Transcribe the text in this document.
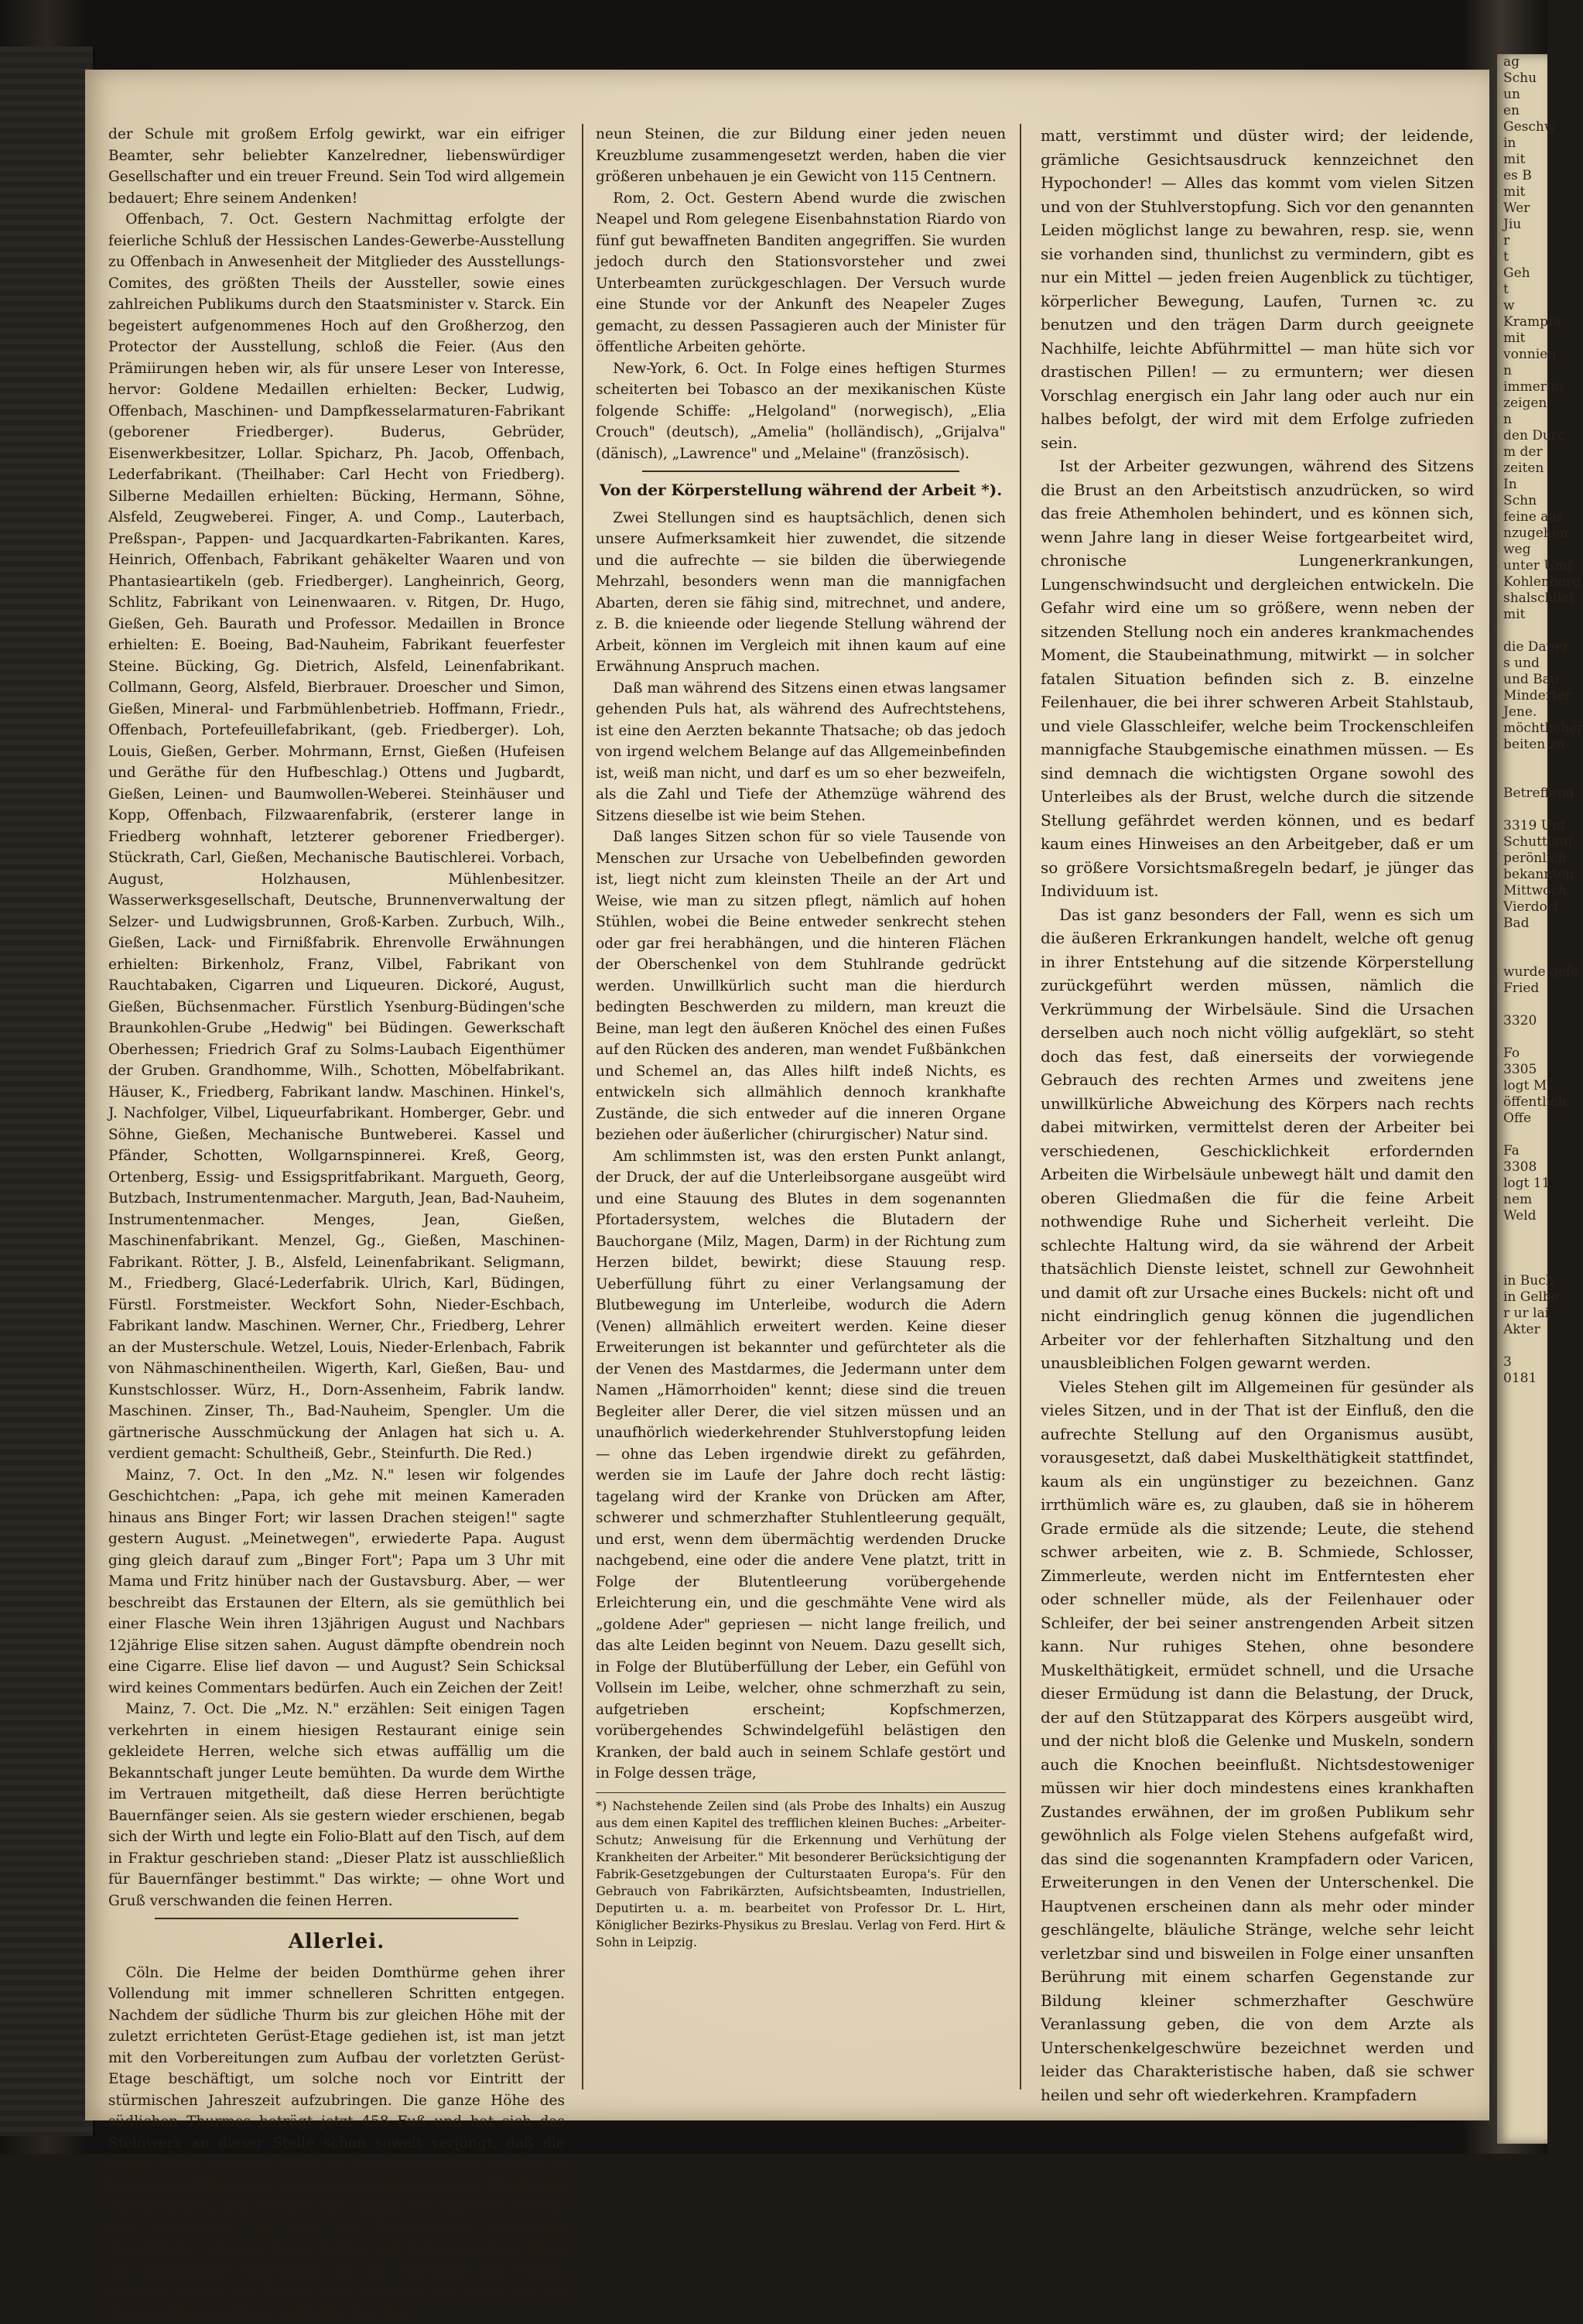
der Schule mit großem Erfolg gewirkt, war ein eifriger Beamter, sehr beliebter Kanzelredner, liebenswürdiger Gesellschafter und ein treuer Freund. Sein Tod wird allgemein bedauert; Ehre seinem Andenken!

Offenbach, 7. Oct. Gestern Nachmittag erfolgte der feierliche Schluß der Hessischen Landes-Gewerbe-Ausstellung zu Offenbach in Anwesenheit der Mitglieder des Ausstellungs-Comites, des größten Theils der Aussteller, sowie eines zahlreichen Publikums durch den Staatsminister v. Starck. Ein begeistert aufgenommenes Hoch auf den Großherzog, den Protector der Ausstellung, schloß die Feier. (Aus den Prämiirungen heben wir, als für unsere Leser von Interesse, hervor: Goldene Medaillen erhielten: Becker, Ludwig, Offenbach, Maschinen- und Dampfkesselarmaturen-Fabrikant (geborener Friedberger). Buderus, Gebrüder, Eisenwerkbesitzer, Lollar. Spicharz, Ph. Jacob, Offenbach, Lederfabrikant. (Theilhaber: Carl Hecht von Friedberg). Silberne Medaillen erhielten: Bücking, Hermann, Söhne, Alsfeld, Zeugweberei. Finger, A. und Comp., Lauterbach, Preßspan-, Pappen- und Jacquardkarten-Fabrikanten. Kares, Heinrich, Offenbach, Fabrikant gehäkelter Waaren und von Phantasieartikeln (geb. Friedberger). Langheinrich, Georg, Schlitz, Fabrikant von Leinenwaaren. v. Ritgen, Dr. Hugo, Gießen, Geh. Baurath und Professor. Medaillen in Bronce erhielten: E. Boeing, Bad-Nauheim, Fabrikant feuerfester Steine. Bücking, Gg. Dietrich, Alsfeld, Leinenfabrikant. Collmann, Georg, Alsfeld, Bierbrauer. Droescher und Simon, Gießen, Mineral- und Farbmühlenbetrieb. Hoffmann, Friedr., Offenbach, Portefeuillefabrikant, (geb. Friedberger). Loh, Louis, Gießen, Gerber. Mohrmann, Ernst, Gießen (Hufeisen und Geräthe für den Hufbeschlag.) Ottens und Jugbardt, Gießen, Leinen- und Baumwollen-Weberei. Steinhäuser und Kopp, Offenbach, Filzwaarenfabrik, (ersterer lange in Friedberg wohnhaft, letzterer geborener Friedberger). Stückrath, Carl, Gießen, Mechanische Bautischlerei. Vorbach, August, Holzhausen, Mühlenbesitzer. Wasserwerksgesellschaft, Deutsche, Brunnenverwaltung der Selzer- und Ludwigsbrunnen, Groß-Karben. Zurbuch, Wilh., Gießen, Lack- und Firnißfabrik. Ehrenvolle Erwähnungen erhielten: Birkenholz, Franz, Vilbel, Fabrikant von Rauchtabaken, Cigarren und Liqueuren. Dickoré, August, Gießen, Büchsenmacher. Fürstlich Ysenburg-Büdingen'sche Braunkohlen-Grube „Hedwig" bei Büdingen. Gewerkschaft Oberhessen; Friedrich Graf zu Solms-Laubach Eigenthümer der Gruben. Grandhomme, Wilh., Schotten, Möbelfabrikant. Häuser, K., Friedberg, Fabrikant landw. Maschinen. Hinkel's, J. Nachfolger, Vilbel, Liqueurfabrikant. Homberger, Gebr. und Söhne, Gießen, Mechanische Buntweberei. Kassel und Pfänder, Schotten, Wollgarnspinnerei. Kreß, Georg, Ortenberg, Essig- und Essigspritfabrikant. Margueth, Georg, Butzbach, Instrumentenmacher. Marguth, Jean, Bad-Nauheim, Instrumentenmacher. Menges, Jean, Gießen, Maschinenfabrikant. Menzel, Gg., Gießen, Maschinen-Fabrikant. Rötter, J. B., Alsfeld, Leinenfabrikant. Seligmann, M., Friedberg, Glacé-Lederfabrik. Ulrich, Karl, Büdingen, Fürstl. Forstmeister. Weckfort Sohn, Nieder-Eschbach, Fabrikant landw. Maschinen. Werner, Chr., Friedberg, Lehrer an der Musterschule. Wetzel, Louis, Nieder-Erlenbach, Fabrik von Nähmaschinentheilen. Wigerth, Karl, Gießen, Bau- und Kunstschlosser. Würz, H., Dorn-Assenheim, Fabrik landw. Maschinen. Zinser, Th., Bad-Nauheim, Spengler. Um die gärtnerische Ausschmückung der Anlagen hat sich u. A. verdient gemacht: Schultheiß, Gebr., Steinfurth. Die Red.)

Mainz, 7. Oct. In den „Mz. N." lesen wir folgendes Geschichtchen: „Papa, ich gehe mit meinen Kameraden hinaus ans Binger Fort; wir lassen Drachen steigen!" sagte gestern August. „Meinetwegen", erwiederte Papa. August ging gleich darauf zum „Binger Fort"; Papa um 3 Uhr mit Mama und Fritz hinüber nach der Gustavsburg. Aber, — wer beschreibt das Erstaunen der Eltern, als sie gemüthlich bei einer Flasche Wein ihren 13jährigen August und Nachbars 12jährige Elise sitzen sahen. August dämpfte obendrein noch eine Cigarre. Elise lief davon — und August? Sein Schicksal wird keines Commentars bedürfen. Auch ein Zeichen der Zeit!

Mainz, 7. Oct. Die „Mz. N." erzählen: Seit einigen Tagen verkehrten in einem hiesigen Restaurant einige sein gekleidete Herren, welche sich etwas auffällig um die Bekanntschaft junger Leute bemühten. Da wurde dem Wirthe im Vertrauen mitgetheilt, daß diese Herren berüchtigte Bauernfänger seien. Als sie gestern wieder erschienen, begab sich der Wirth und legte ein Folio-Blatt auf den Tisch, auf dem in Fraktur geschrieben stand: „Dieser Platz ist ausschließlich für Bauernfänger bestimmt." Das wirkte; — ohne Wort und Gruß verschwanden die feinen Herren.

Allerlei.

Cöln. Die Helme der beiden Domthürme gehen ihrer Vollendung mit immer schnelleren Schritten entgegen. Nachdem der südliche Thurm bis zur gleichen Höhe mit der zuletzt errichteten Gerüst-Etage gediehen ist, ist man jetzt mit den Vorbereitungen zum Aufbau der vorletzten Gerüst-Etage beschäftigt, um solche noch vor Eintritt der stürmischen Jahreszeit aufzubringen. Die ganze Höhe des südlichen Thurmes beträgt jetzt 458 Fuß und hat sich das Steinwerk an dieser Stelle schon soweit verjüngt, daß die innere Weite nur noch 1 Fuß im Durchmesser hat, welches so lange auszuführen ist, um einen riesigen eisernen Mastbaum durchzulassen, um welchen sich später die einzelnen Stücke der mächtigen, 18 Fuß im Durchmesser haltenden Kreuzblume anlegen, deren Größe und Schwere schon allein die Vollständige Renovirung an der Nordseite des Domes bedingt, welche die Brücke zum Aufladen der Steine auf die Transportwagen trägt, bedingte. Von den

neun Steinen, die zur Bildung einer jeden neuen Kreuzblume zusammengesetzt werden, haben die vier größeren unbehauen je ein Gewicht von 115 Centnern.

Rom, 2. Oct. Gestern Abend wurde die zwischen Neapel und Rom gelegene Eisenbahnstation Riardo von fünf gut bewaffneten Banditen angegriffen. Sie wurden jedoch durch den Stationsvorsteher und zwei Unterbeamten zurückgeschlagen. Der Versuch wurde eine Stunde vor der Ankunft des Neapeler Zuges gemacht, zu dessen Passagieren auch der Minister für öffentliche Arbeiten gehörte.

New-York, 6. Oct. In Folge eines heftigen Sturmes scheiterten bei Tobasco an der mexikanischen Küste folgende Schiffe: „Helgoland" (norwegisch), „Elia Crouch" (deutsch), „Amelia" (holländisch), „Grijalva" (dänisch), „Lawrence" und „Melaine" (französisch).

Von der Körperstellung während der Arbeit *).

Zwei Stellungen sind es hauptsächlich, denen sich unsere Aufmerksamkeit hier zuwendet, die sitzende und die aufrechte — sie bilden die überwiegende Mehrzahl, besonders wenn man die mannigfachen Abarten, deren sie fähig sind, mitrechnet, und andere, z. B. die knieende oder liegende Stellung während der Arbeit, können im Vergleich mit ihnen kaum auf eine Erwähnung Anspruch machen.

Daß man während des Sitzens einen etwas langsamer gehenden Puls hat, als während des Aufrechtstehens, ist eine den Aerzten bekannte Thatsache; ob das jedoch von irgend welchem Belange auf das Allgemeinbefinden ist, weiß man nicht, und darf es um so eher bezweifeln, als die Zahl und Tiefe der Athemzüge während des Sitzens dieselbe ist wie beim Stehen.

Daß langes Sitzen schon für so viele Tausende von Menschen zur Ursache von Uebelbefinden geworden ist, liegt nicht zum kleinsten Theile an der Art und Weise, wie man zu sitzen pflegt, nämlich auf hohen Stühlen, wobei die Beine entweder senkrecht stehen oder gar frei herabhängen, und die hinteren Flächen der Oberschenkel von dem Stuhlrande gedrückt werden. Unwillkürlich sucht man die hierdurch bedingten Beschwerden zu mildern, man kreuzt die Beine, man legt den äußeren Knöchel des einen Fußes auf den Rücken des anderen, man wendet Fußbänkchen und Schemel an, das Alles hilft indeß Nichts, es entwickeln sich allmählich dennoch krankhafte Zustände, die sich entweder auf die inneren Organe beziehen oder äußerlicher (chirurgischer) Natur sind.

Am schlimmsten ist, was den ersten Punkt anlangt, der Druck, der auf die Unterleibsorgane ausgeübt wird und eine Stauung des Blutes in dem sogenannten Pfortadersystem, welches die Blutadern der Bauchorgane (Milz, Magen, Darm) in der Richtung zum Herzen bildet, bewirkt; diese Stauung resp. Ueberfüllung führt zu einer Verlangsamung der Blutbewegung im Unterleibe, wodurch die Adern (Venen) allmählich erweitert werden. Keine dieser Erweiterungen ist bekannter und gefürchteter als die der Venen des Mastdarmes, die Jedermann unter dem Namen „Hämorrhoiden" kennt; diese sind die treuen Begleiter aller Derer, die viel sitzen müssen und an unaufhörlich wiederkehrender Stuhlverstopfung leiden — ohne das Leben irgendwie direkt zu gefährden, werden sie im Laufe der Jahre doch recht lästig: tagelang wird der Kranke von Drücken am After, schwerer und schmerzhafter Stuhlentleerung gequält, und erst, wenn dem übermächtig werdenden Drucke nachgebend, eine oder die andere Vene platzt, tritt in Folge der Blutentleerung vorübergehende Erleichterung ein, und die geschmähte Vene wird als „goldene Ader" gepriesen — nicht lange freilich, und das alte Leiden beginnt von Neuem. Dazu gesellt sich, in Folge der Blutüberfüllung der Leber, ein Gefühl von Vollsein im Leibe, welcher, ohne schmerzhaft zu sein, aufgetrieben erscheint; Kopfschmerzen, vorübergehendes Schwindelgefühl belästigen den Kranken, der bald auch in seinem Schlafe gestört und in Folge dessen träge,

*) Nachstehende Zeilen sind (als Probe des Inhalts) ein Auszug aus dem einen Kapitel des trefflichen kleinen Buches: „Arbeiter-Schutz; Anweisung für die Erkennung und Verhütung der Krankheiten der Arbeiter." Mit besonderer Berücksichtigung der Fabrik-Gesetzgebungen der Culturstaaten Europa's. Für den Gebrauch von Fabrikärzten, Aufsichtsbeamten, Industriellen, Deputirten u. a. m. bearbeitet von Professor Dr. L. Hirt, Königlicher Bezirks-Physikus zu Breslau. Verlag von Ferd. Hirt & Sohn in Leipzig.

matt, verstimmt und düster wird; der leidende, grämliche Gesichtsausdruck kennzeichnet den Hypochonder! — Alles das kommt vom vielen Sitzen und von der Stuhlverstopfung. Sich vor den genannten Leiden möglichst lange zu bewahren, resp. sie, wenn sie vorhanden sind, thunlichst zu vermindern, gibt es nur ein Mittel — jeden freien Augenblick zu tüchtiger, körperlicher Bewegung, Laufen, Turnen ꝛc. zu benutzen und den trägen Darm durch geeignete Nachhilfe, leichte Abführmittel — man hüte sich vor drastischen Pillen! — zu ermuntern; wer diesen Vorschlag energisch ein Jahr lang oder auch nur ein halbes befolgt, der wird mit dem Erfolge zufrieden sein.

Ist der Arbeiter gezwungen, während des Sitzens die Brust an den Arbeitstisch anzudrücken, so wird das freie Athemholen behindert, und es können sich, wenn Jahre lang in dieser Weise fortgearbeitet wird, chronische Lungenerkrankungen, Lungenschwindsucht und dergleichen entwickeln. Die Gefahr wird eine um so größere, wenn neben der sitzenden Stellung noch ein anderes krankmachendes Moment, die Staubeinathmung, mitwirkt — in solcher fatalen Situation befinden sich z. B. einzelne Feilenhauer, die bei ihrer schweren Arbeit Stahlstaub, und viele Glasschleifer, welche beim Trockenschleifen mannigfache Staubgemische einathmen müssen. — Es sind demnach die wichtigsten Organe sowohl des Unterleibes als der Brust, welche durch die sitzende Stellung gefährdet werden können, und es bedarf kaum eines Hinweises an den Arbeitgeber, daß er um so größere Vorsichtsmaßregeln bedarf, je jünger das Individuum ist.

Das ist ganz besonders der Fall, wenn es sich um die äußeren Erkrankungen handelt, welche oft genug in ihrer Entstehung auf die sitzende Körperstellung zurückgeführt werden müssen, nämlich die Verkrümmung der Wirbelsäule. Sind die Ursachen derselben auch noch nicht völlig aufgeklärt, so steht doch das fest, daß einerseits der vorwiegende Gebrauch des rechten Armes und zweitens jene unwillkürliche Abweichung des Körpers nach rechts dabei mitwirken, vermittelst deren der Arbeiter bei verschiedenen, Geschicklichkeit erfordernden Arbeiten die Wirbelsäule unbewegt hält und damit den oberen Gliedmaßen die für die feine Arbeit nothwendige Ruhe und Sicherheit verleiht. Die schlechte Haltung wird, da sie während der Arbeit thatsächlich Dienste leistet, schnell zur Gewohnheit und damit oft zur Ursache eines Buckels: nicht oft und nicht eindringlich genug können die jugendlichen Arbeiter vor der fehlerhaften Sitzhaltung und den unausbleiblichen Folgen gewarnt werden.

Vieles Stehen gilt im Allgemeinen für gesünder als vieles Sitzen, und in der That ist der Einfluß, den die aufrechte Stellung auf den Organismus ausübt, vorausgesetzt, daß dabei Muskelthätigkeit stattfindet, kaum als ein ungünstiger zu bezeichnen. Ganz irrthümlich wäre es, zu glauben, daß sie in höherem Grade ermüde als die sitzende; Leute, die stehend schwer arbeiten, wie z. B. Schmiede, Schlosser, Zimmerleute, werden nicht im Entferntesten eher oder schneller müde, als der Feilenhauer oder Schleifer, der bei seiner anstrengenden Arbeit sitzen kann. Nur ruhiges Stehen, ohne besondere Muskelthätigkeit, ermüdet schnell, und die Ursache dieser Ermüdung ist dann die Belastung, der Druck, der auf den Stützapparat des Körpers ausgeübt wird, und der nicht bloß die Gelenke und Muskeln, sondern auch die Knochen beeinflußt. Nichtsdestoweniger müssen wir hier doch mindestens eines krankhaften Zustandes erwähnen, der im großen Publikum sehr gewöhnlich als Folge vielen Stehens aufgefaßt wird, das sind die sogenannten Krampfadern oder Varicen, Erweiterungen in den Venen der Unterschenkel. Die Hauptvenen erscheinen dann als mehr oder minder geschlängelte, bläuliche Stränge, welche sehr leicht verletzbar sind und bisweilen in Folge einer unsanften Berührung mit einem scharfen Gegenstande zur Bildung kleiner schmerzhafter Geschwüre Veranlassung geben, die von dem Arzte als Unterschenkelgeschwüre bezeichnet werden und leider das Charakteristische haben, daß sie schwer heilen und sehr oft wiederkehren. Krampfadern

ag
Schu
un
en
Geschw
in
mit
es B
mit
Wer
Jiu
r
t
Geh
t
w
Krampfa
mit
vonnien
n
immerlin
zeigen
n
den Durc
m der
zeiten
In
Schn
feine aus
nzugehen
weg
unter Umf
Kohlenberg
shalschliel
mit

die Dauer
s und
und Bau
Minderter
Jene.
möchtlicher
beiten zu

Betreffend

3319 Unt
Schuttlauf
perönlich
bekannten
Mittwoch
Vierdorf
Bad

wurde gefe
Fried

3320

Fo
3305
logt M
öffentlich
Offe

Fa
3308
logt 11
nem
Weld

in Buch
in Gelbe
r ur lai
Akter

3
0181
